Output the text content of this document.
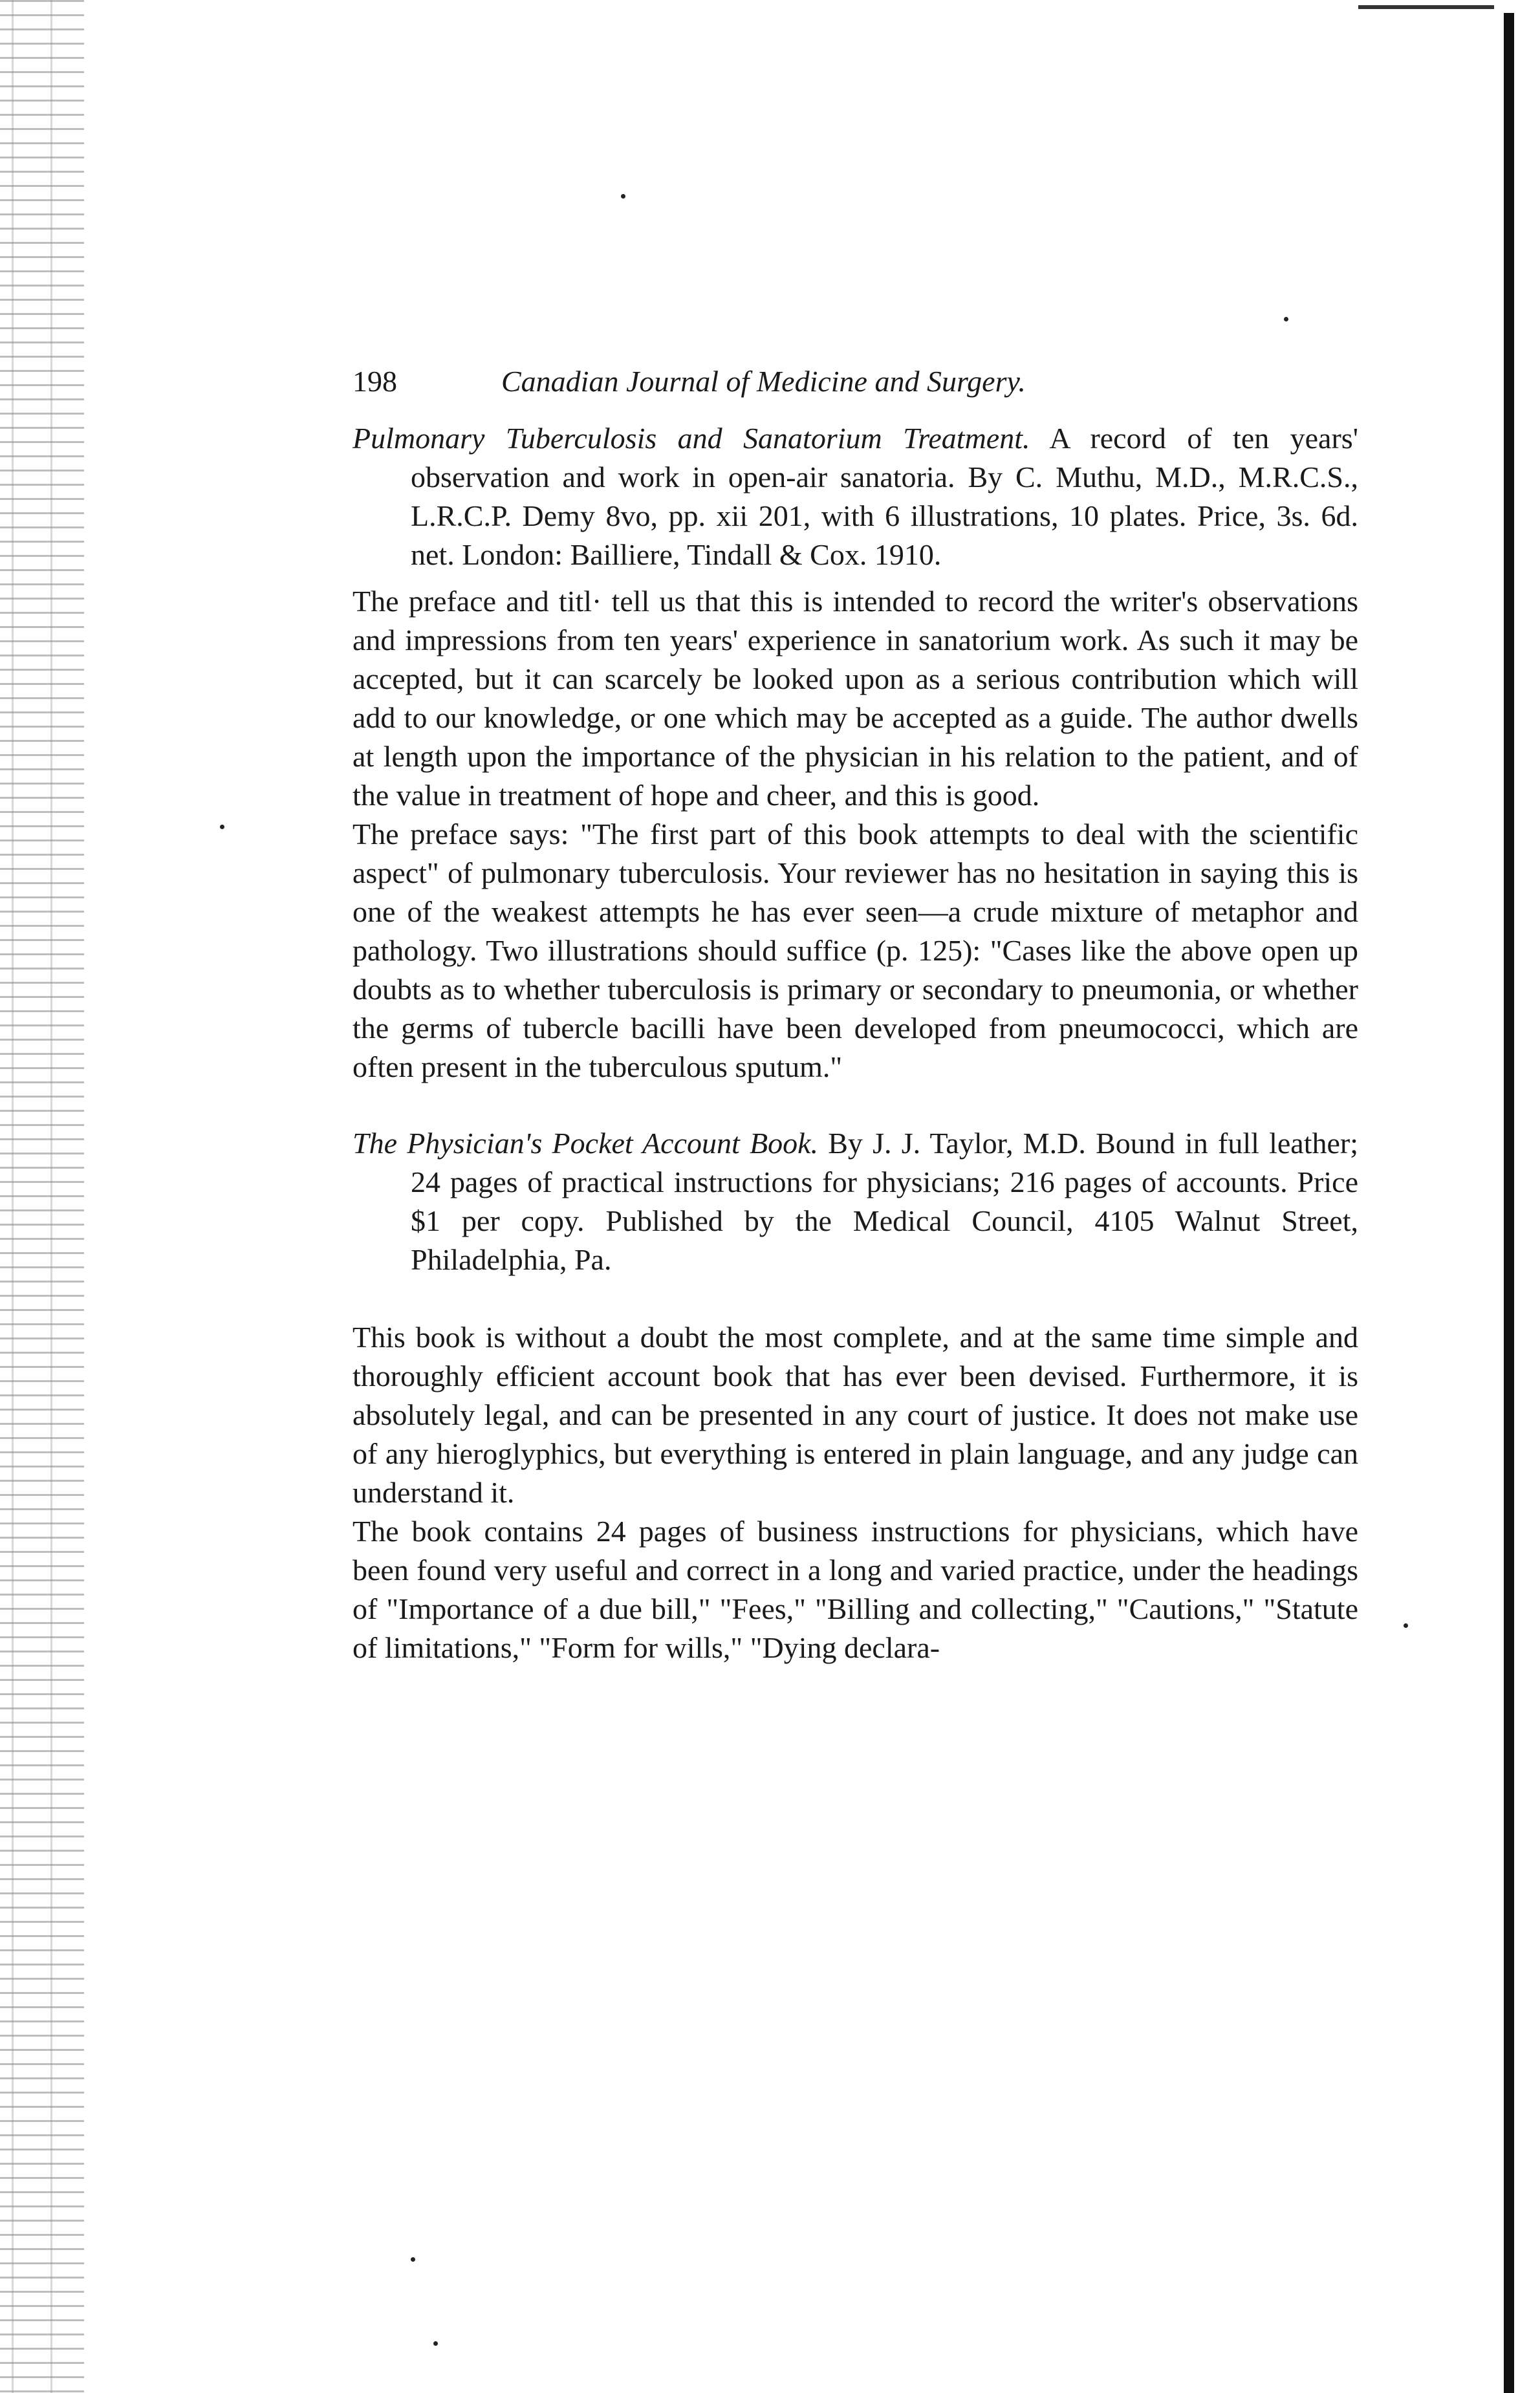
198	Canadian Journal of Medicine and Surgery.

Pulmonary Tuberculosis and Sanatorium Treatment. A record of ten years' observation and work in open-air sanatoria. By C. Muthu, M.D., M.R.C.S., L.R.C.P. Demy 8vo, pp. xii 201, with 6 illustrations, 10 plates. Price, 3s. 6d. net. London: Bailliere, Tindall & Cox. 1910.

The preface and titl· tell us that this is intended to record the writer's observations and impressions from ten years' experience in sanatorium work. As such it may be accepted, but it can scarcely be looked upon as a serious contribution which will add to our knowledge, or one which may be accepted as a guide. The author dwells at length upon the importance of the physician in his relation to the patient, and of the value in treatment of hope and cheer, and this is good.

The preface says: "The first part of this book attempts to deal with the scientific aspect" of pulmonary tuberculosis. Your reviewer has no hesitation in saying this is one of the weakest attempts he has ever seen—a crude mixture of metaphor and pathology. Two illustrations should suffice (p. 125): "Cases like the above open up doubts as to whether tuberculosis is primary or secondary to pneumonia, or whether the germs of tubercle bacilli have been developed from pneumococci, which are often present in the tuberculous sputum."

The Physician's Pocket Account Book. By J. J. Taylor, M.D. Bound in full leather; 24 pages of practical instructions for physicians; 216 pages of accounts. Price $1 per copy. Published by the Medical Council, 4105 Walnut Street, Philadelphia, Pa.

This book is without a doubt the most complete, and at the same time simple and thoroughly efficient account book that has ever been devised. Furthermore, it is absolutely legal, and can be presented in any court of justice. It does not make use of any hieroglyphics, but everything is entered in plain language, and any judge can understand it.

The book contains 24 pages of business instructions for physicians, which have been found very useful and correct in a long and varied practice, under the headings of "Importance of a due bill," "Fees," "Billing and collecting," "Cautions," "Statute of limitations," "Form for wills," "Dying declara-
